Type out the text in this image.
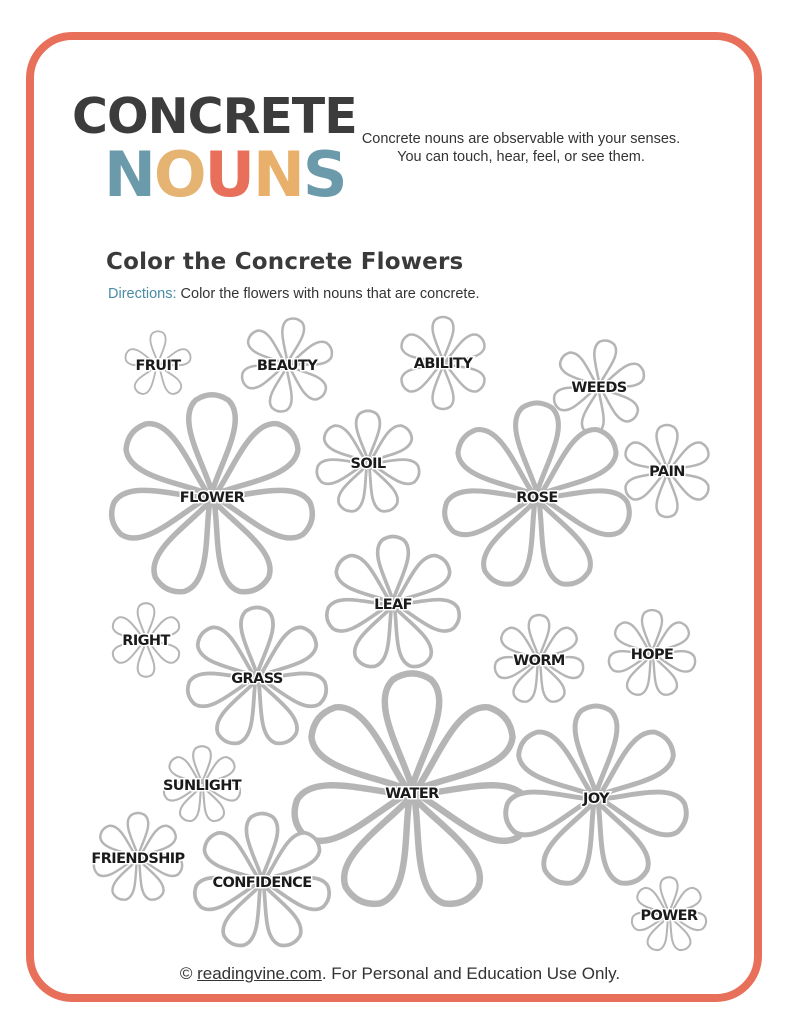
CONCRETE
N O U N S	Concrete nouns are observable with your senses. You can touch, hear, feel, or see them.
Color the Concrete Flowers
Directions: Color the flowers with nouns that are concrete.
FRUIT	BEAUTY	ABILITY
WEEDS
SOIL	PAIN
FLOWER	ROSE
LEAF
RIGHT
GRASS
WORM	HOPE
SUNLIGHT	WATER	JOY
FRIENDSHIP
CONFIDENCE
POWER
© readingvine.com. For Personal and Education Use Only.
